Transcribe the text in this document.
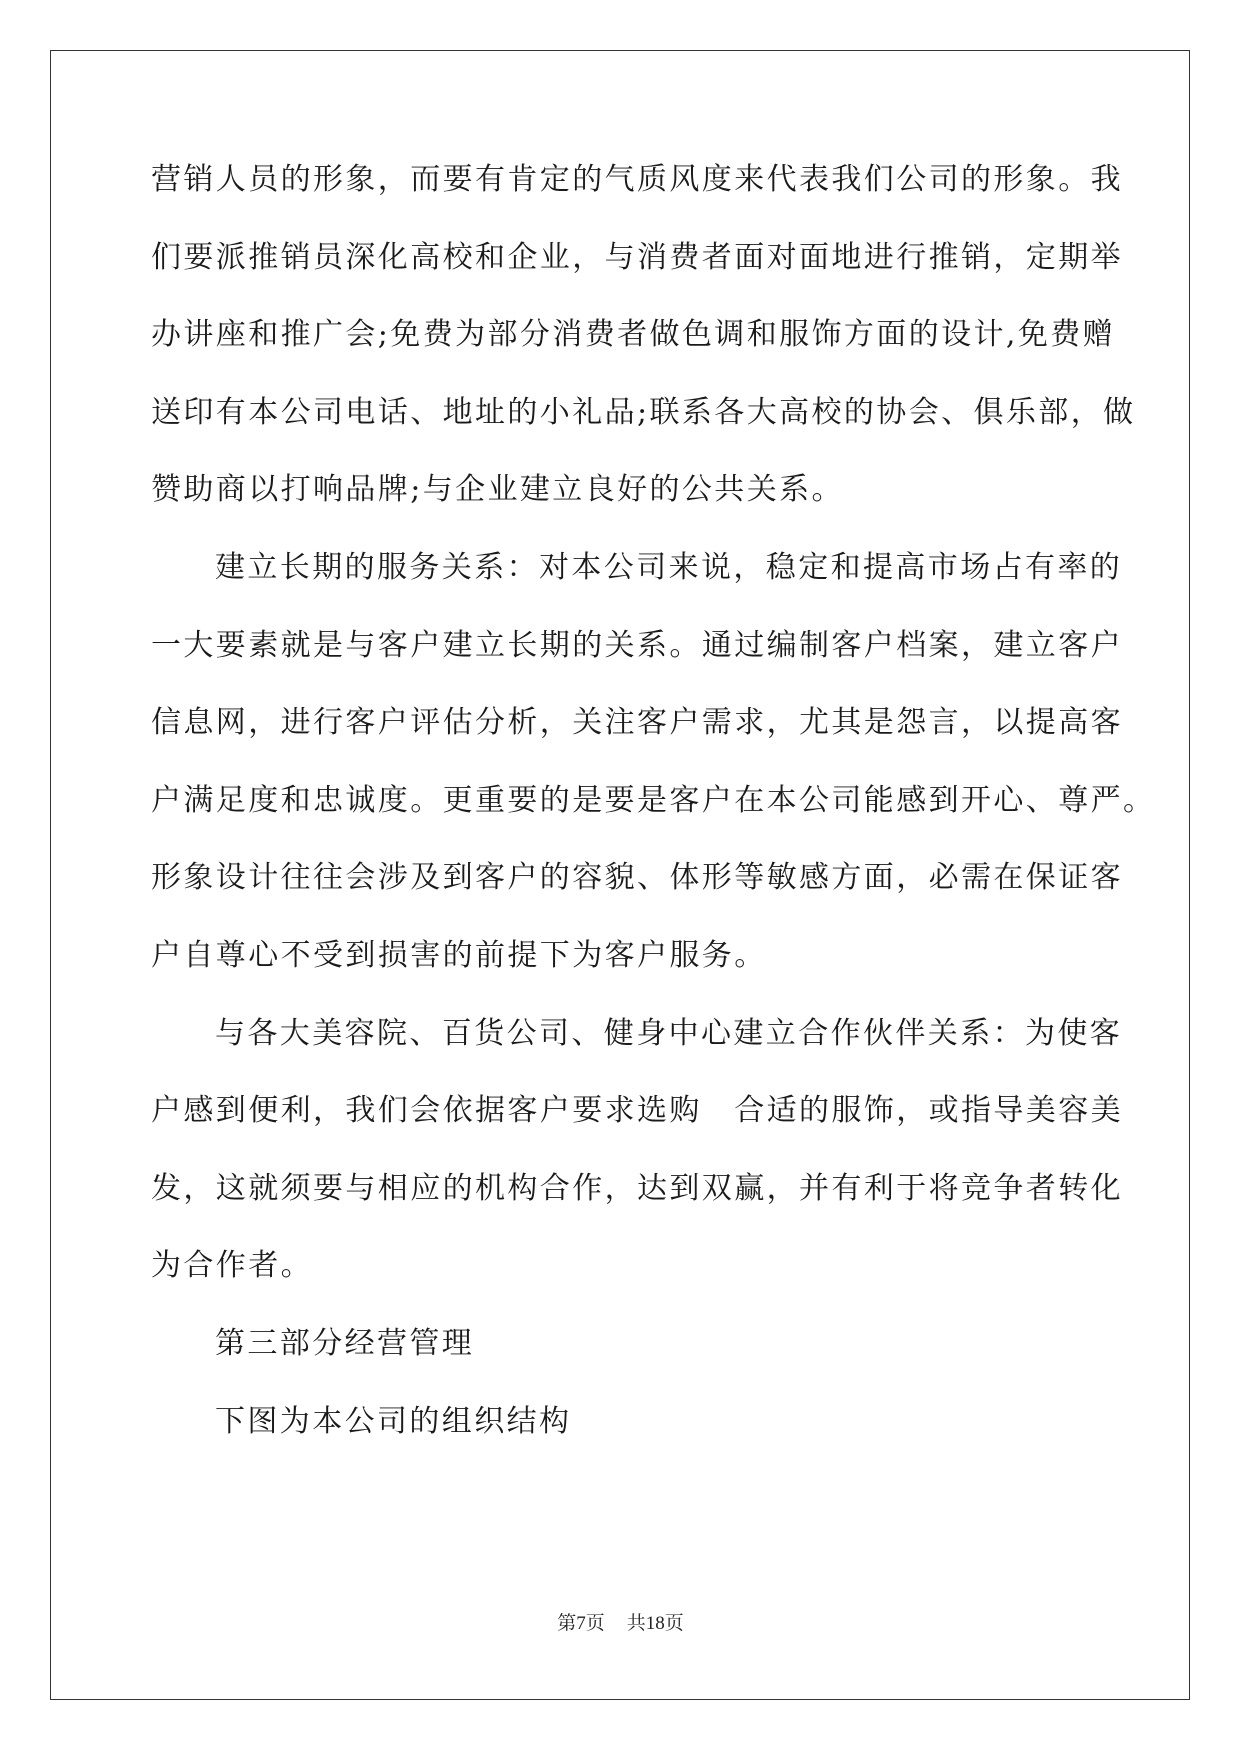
营销人员的形象，而要有肯定的气质风度来代表我们公司的形象。我
们要派推销员深化高校和企业，与消费者面对面地进行推销，定期举
办讲座和推广会;免费为部分消费者做色调和服饰方面的设计,免费赠
送印有本公司电话、地址的小礼品;联系各大高校的协会、俱乐部，做
赞助商以打响品牌;与企业建立良好的公共关系。
建立长期的服务关系：对本公司来说，稳定和提高市场占有率的
一大要素就是与客户建立长期的关系。通过编制客户档案，建立客户
信息网，进行客户评估分析，关注客户需求，尤其是怨言，以提高客
户满足度和忠诚度。更重要的是要是客户在本公司能感到开心、尊严。
形象设计往往会涉及到客户的容貌、体形等敏感方面，必需在保证客
户自尊心不受到损害的前提下为客户服务。
与各大美容院、百货公司、健身中心建立合作伙伴关系：为使客
户感到便利，我们会依据客户要求选购　合适的服饰，或指导美容美
发，这就须要与相应的机构合作，达到双赢，并有利于将竞争者转化
为合作者。
第三部分经营管理
下图为本公司的组织结构
第7页 共18页
